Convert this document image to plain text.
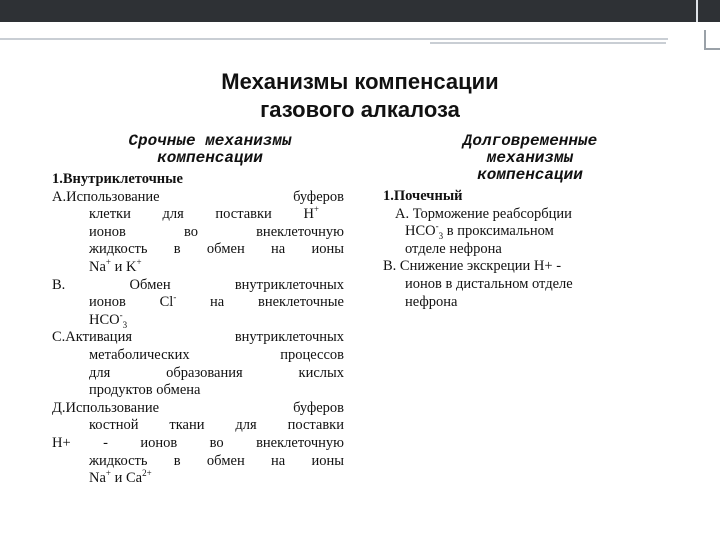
Механизмы компенсации
газового алкалоза
Срочные механизмы
компенсации
1.Внутриклеточные
А.Использование буферов
клетки для поставки H+
ионов во внеклеточную
жидкость в обмен на ионы
Na+ и K+
В. Обмен внутриклеточных
ионов Cl- на внеклеточные
$HCO^-_3$
С.Активация внутриклеточных
метаболических процессов
для образования кислых
продуктов обмена
Д.Использование буферов
костной ткани для поставки
H+ - ионов во внеклеточную
жидкость в обмен на ионы
Na+ и $Ca^{2+}$
Долговременные
механизмы
компенсации
1.Почечный
А. Торможение реабсорбции
$HCO^-_3$ в проксимальном
отделе нефрона
В. Снижение экскреции Н+ -
ионов в дистальном отделе
нефрона
